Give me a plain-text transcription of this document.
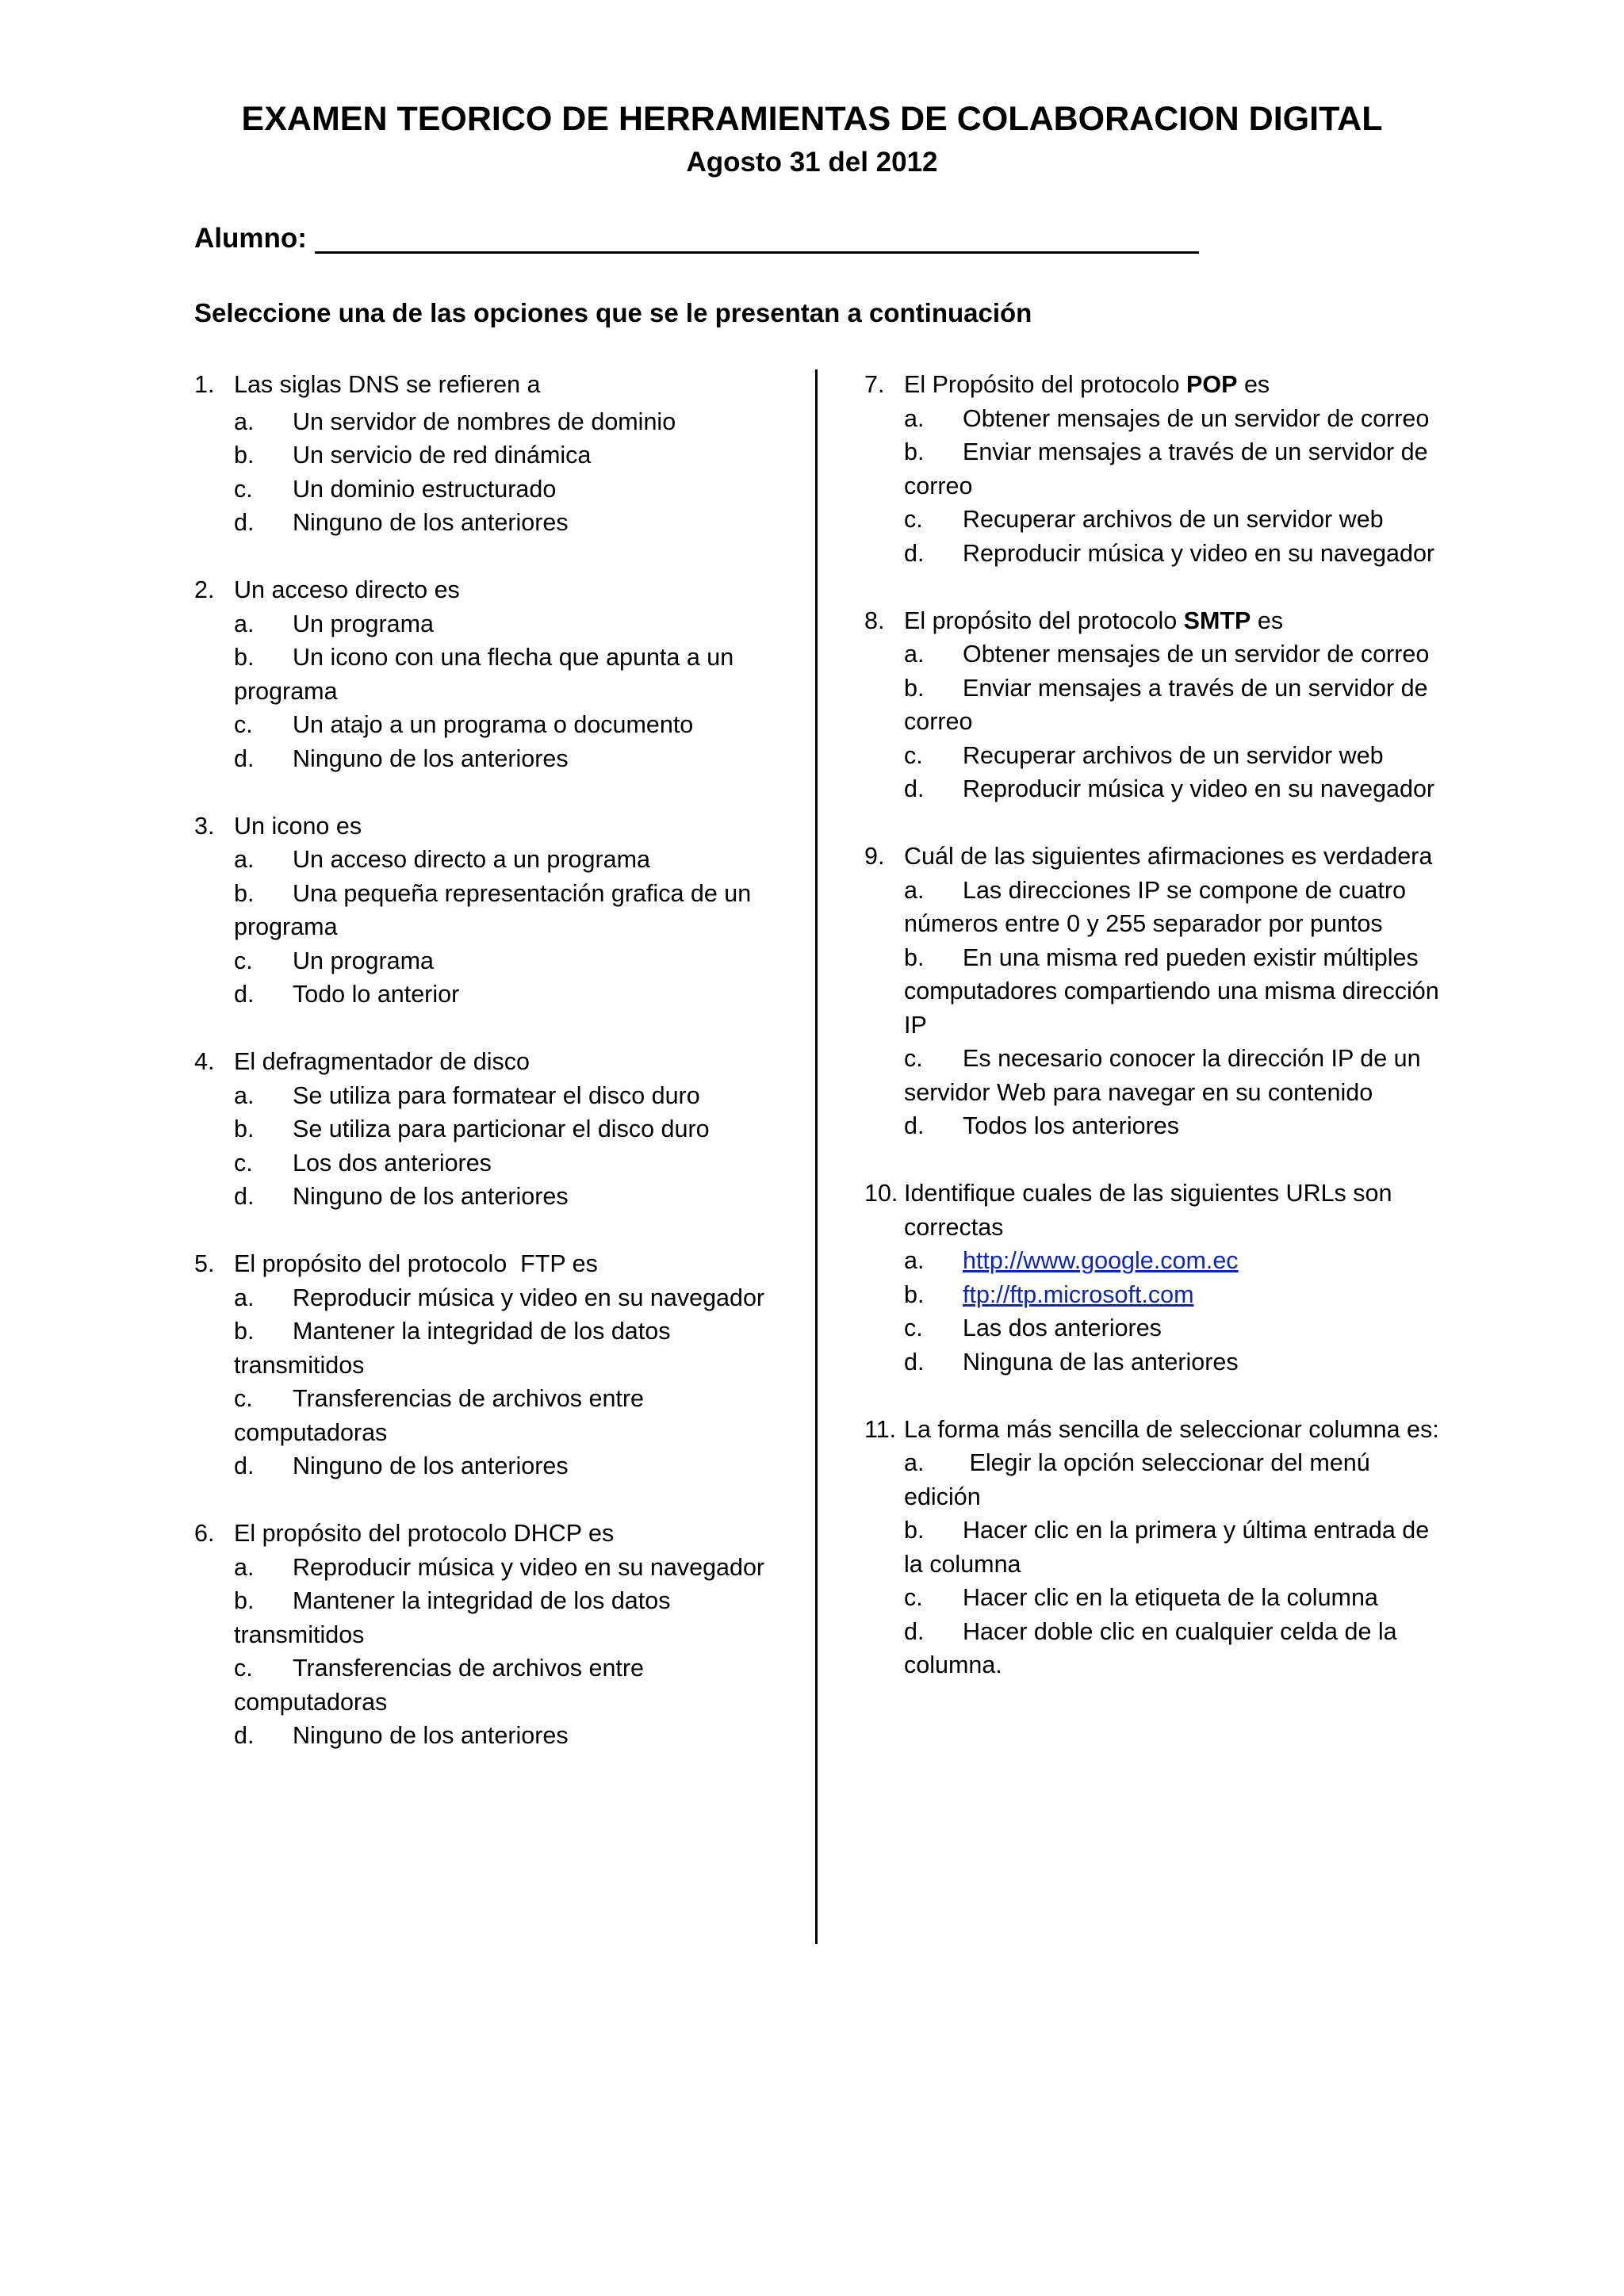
EXAMEN TEORICO DE HERRAMIENTAS DE COLABORACION DIGITAL
Agosto 31 del 2012
Alumno:
Seleccione una de las opciones que se le presentan a continuación
1. Las siglas DNS se refieren a
a. Un servidor de nombres de dominio
b. Un servicio de red dinámica
c. Un dominio estructurado
d. Ninguno de los anteriores
2. Un acceso directo es
a. Un programa
b. Un icono con una flecha que apunta a un programa
c. Un atajo a un programa o documento
d. Ninguno de los anteriores
3. Un icono es
a. Un acceso directo a un programa
b. Una pequeña representación grafica de un programa
c. Un programa
d. Todo lo anterior
4. El defragmentador de disco
a. Se utiliza para formatear el disco duro
b. Se utiliza para particionar el disco duro
c. Los dos anteriores
d. Ninguno de los anteriores
5. El propósito del protocolo  FTP es
a. Reproducir música y video en su navegador
b. Mantener la integridad de los datos transmitidos
c. Transferencias de archivos entre computadoras
d. Ninguno de los anteriores
6. El propósito del protocolo DHCP es
a. Reproducir música y video en su navegador
b. Mantener la integridad de los datos transmitidos
c. Transferencias de archivos entre computadoras
d. Ninguno de los anteriores
7. El Propósito del protocolo POP es
a. Obtener mensajes de un servidor de correo
b. Enviar mensajes a través de un servidor de correo
c. Recuperar archivos de un servidor web
d. Reproducir música y video en su navegador
8. El propósito del protocolo SMTP es
a. Obtener mensajes de un servidor de correo
b. Enviar mensajes a través de un servidor de correo
c. Recuperar archivos de un servidor web
d. Reproducir música y video en su navegador
9. Cuál de las siguientes afirmaciones es verdadera
a. Las direcciones IP se compone de cuatro números entre 0 y 255 separador por puntos
b. En una misma red pueden existir múltiples computadores compartiendo una misma dirección IP
c. Es necesario conocer la dirección IP de un servidor Web para navegar en su contenido
d. Todos los anteriores
10. Identifique cuales de las siguientes URLs son correctas
a. http://www.google.com.ec
b. ftp://ftp.microsoft.com
c. Las dos anteriores
d. Ninguna de las anteriores
11. La forma más sencilla de seleccionar columna es:
a. Elegir la opción seleccionar del menú edición
b. Hacer clic en la primera y última entrada de la columna
c. Hacer clic en la etiqueta de la columna
d. Hacer doble clic en cualquier celda de la columna.
